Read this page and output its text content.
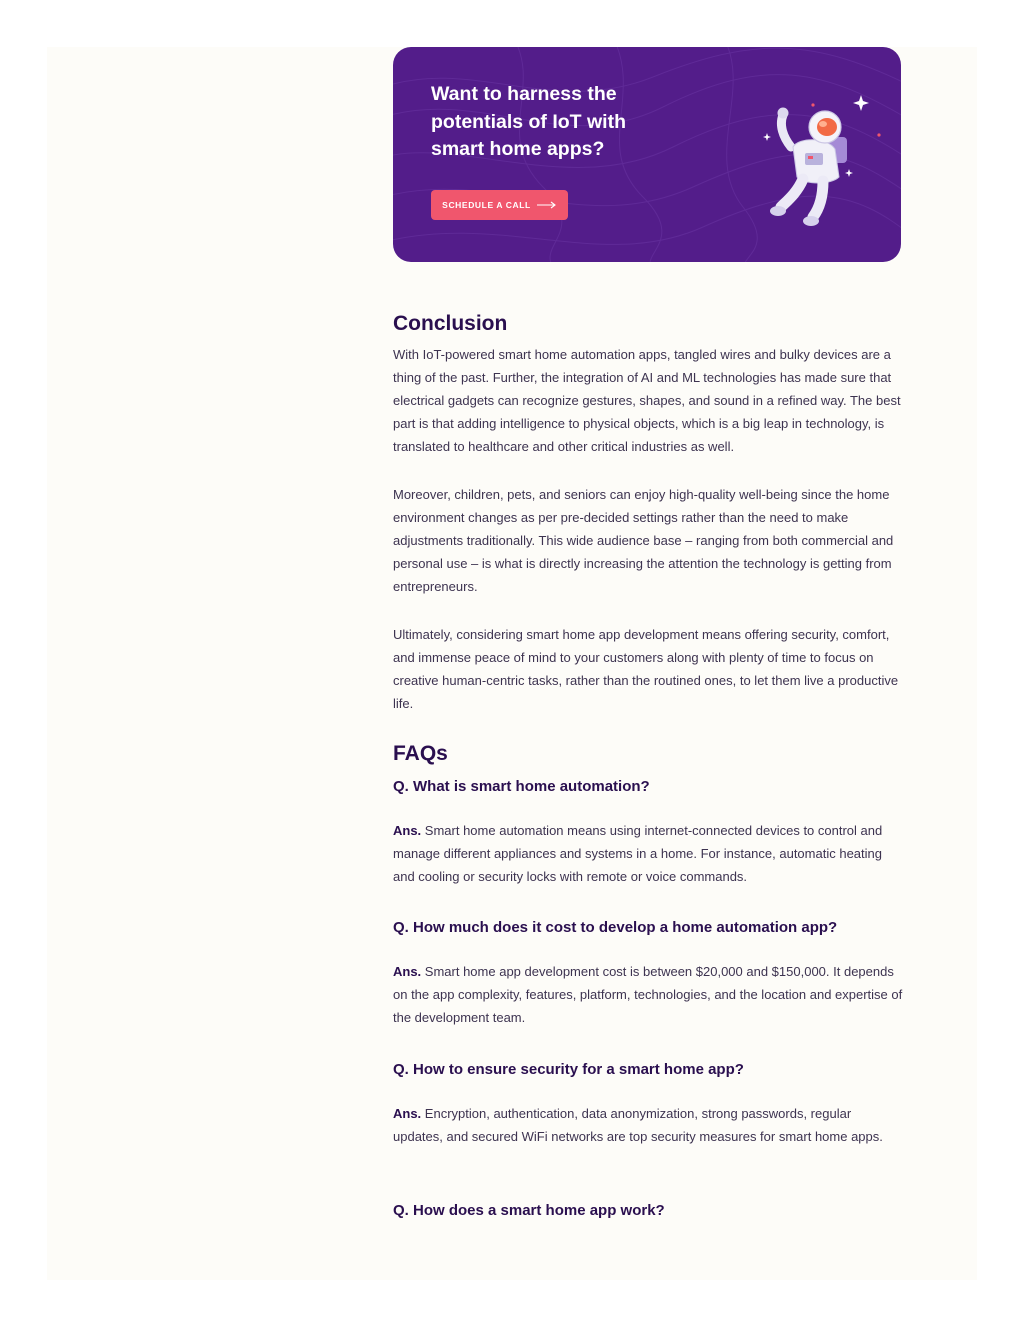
Want to harness the potentials of IoT with smart home apps?
SCHEDULE A CALL
Conclusion

With IoT-powered smart home automation apps, tangled wires and bulky devices are a thing of the past. Further, the integration of AI and ML technologies has made sure that electrical gadgets can recognize gestures, shapes, and sound in a refined way. The best part is that adding intelligence to physical objects, which is a big leap in technology, is translated to healthcare and other critical industries as well.

Moreover, children, pets, and seniors can enjoy high-quality well-being since the home environment changes as per pre-decided settings rather than the need to make adjustments traditionally. This wide audience base – ranging from both commercial and personal use – is what is directly increasing the attention the technology is getting from entrepreneurs.

Ultimately, considering smart home app development means offering security, comfort, and immense peace of mind to your customers along with plenty of time to focus on creative human-centric tasks, rather than the routined ones, to let them live a productive life.

FAQs
Q. What is smart home automation?

Ans. Smart home automation means using internet-connected devices to control and manage different appliances and systems in a home. For instance, automatic heating and cooling or security locks with remote or voice commands.

Q. How much does it cost to develop a home automation app?

Ans. Smart home app development cost is between $20,000 and $150,000. It depends on the app complexity, features, platform, technologies, and the location and expertise of the development team.

Q. How to ensure security for a smart home app?

Ans. Encryption, authentication, data anonymization, strong passwords, regular updates, and secured WiFi networks are top security measures for smart home apps.

Q. How does a smart home app work?
